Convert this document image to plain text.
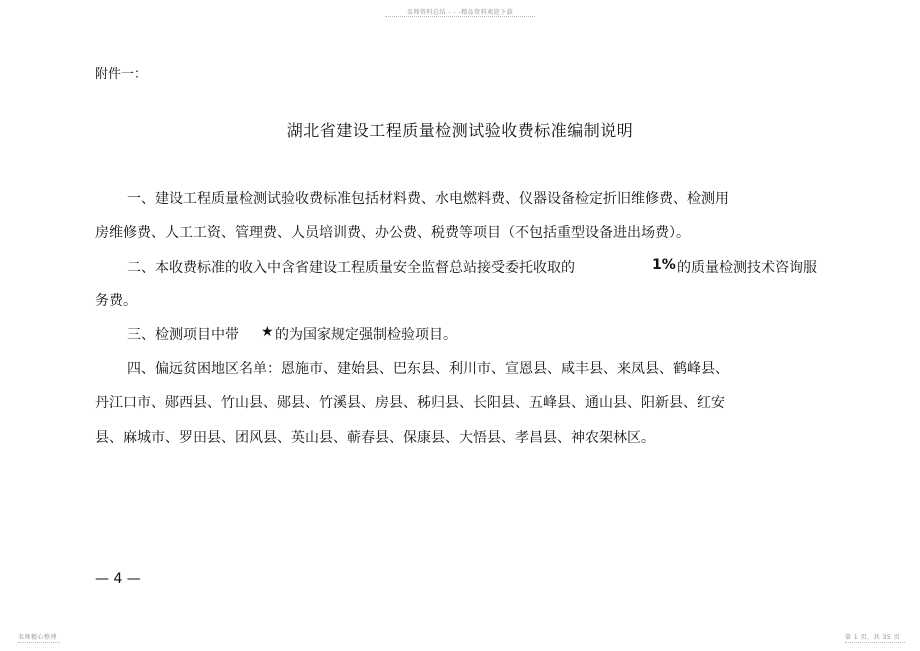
名师资料总结 - - -精品资料欢迎下载
附件一：
湖北省建设工程质量检测试验收费标准编制说明
一、建设工程质量检测试验收费标准包括材料费、水电燃料费、仪器设备检定折旧维修费、检测用
房维修费、人工工资、管理费、人员培训费、办公费、税费等项目（不包括重型设备进出场费）。
二、本收费标准的收入中含省建设工程质量安全监督总站接受委托收取的	1% 的质量检测技术咨询服
务费。
三、检测项目中带 ★ 的为国家规定强制检验项目。
四、偏远贫困地区名单：恩施市、建始县、巴东县、利川市、宣恩县、咸丰县、来凤县、鹤峰县、
丹江口市、郧西县、竹山县、郧县、竹溪县、房县、秭归县、长阳县、五峰县、通山县、阳新县、红安
县、麻城市、罗田县、团风县、英山县、蕲春县、保康县、大悟县、孝昌县、神农架林区。
— 4 —
名师精心整理	第 1 页，共 35 页
